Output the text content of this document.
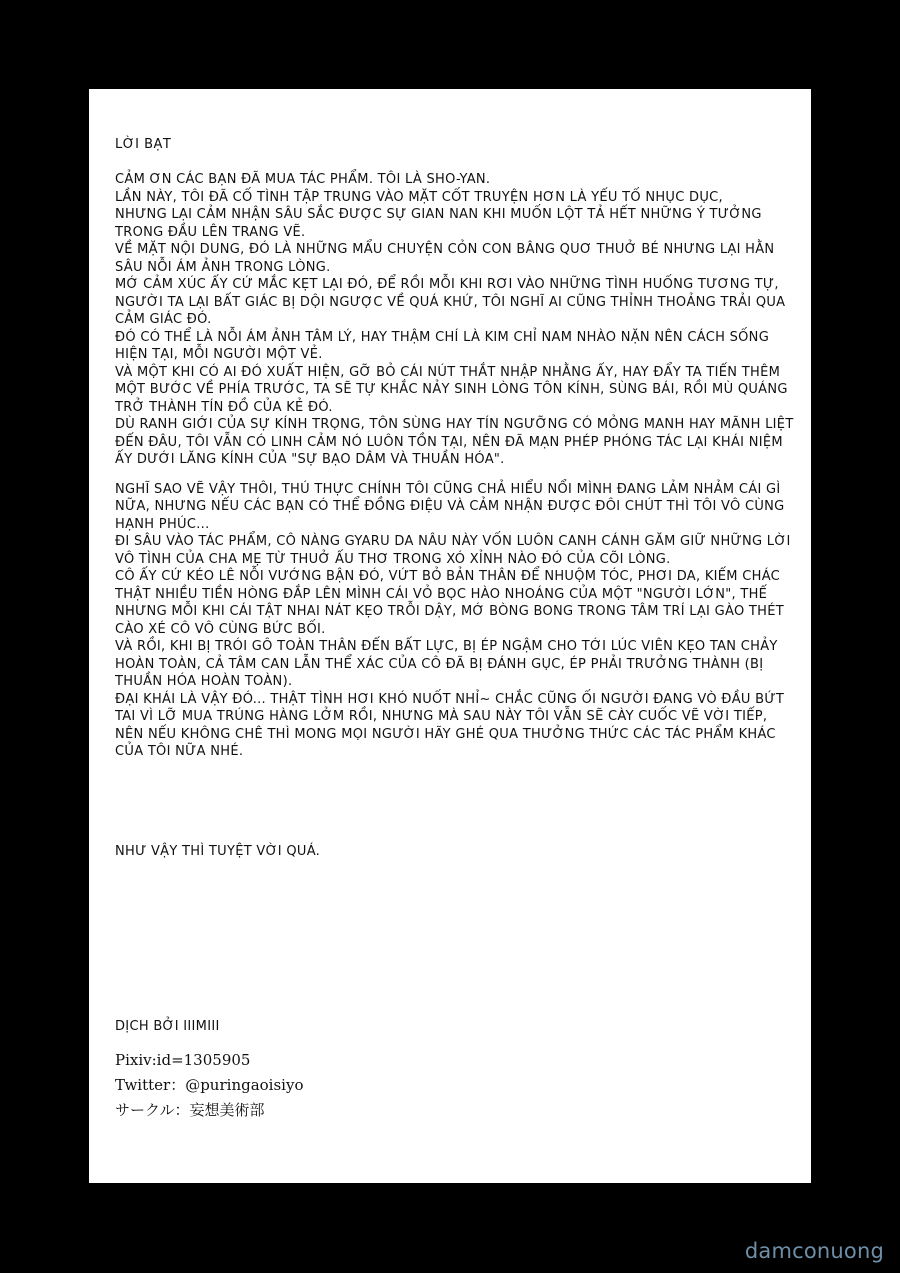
LỜI BẠT

CẢM ƠN CÁC BẠN ĐÃ MUA TÁC PHẨM. TÔI LÀ SHO-YAN.
LẦN NÀY, TÔI ĐÃ CỐ TÌNH TẬP TRUNG VÀO MẶT CỐT TRUYỆN HƠN LÀ YẾU TỐ NHỤC DỤC,
NHƯNG LẠI CẢM NHẬN SÂU SẮC ĐƯỢC SỰ GIAN NAN KHI MUỐN LỘT TẢ HẾT NHỮNG Ý TƯỞNG TRONG ĐẦU LÊN TRANG VẼ.
VỀ MẶT NỘI DUNG, ĐÓ LÀ NHỮNG MẨU CHUYỆN CỎN CON BÂNG QUƠ THUỞ BÉ NHƯNG LẠI HẰN SÂU NỖI ÁM ẢNH TRONG LÒNG.
MỚ CẢM XÚC ẤY CỨ MẮC KẸT LẠI ĐÓ, ĐỂ RỒI MỖI KHI RƠI VÀO NHỮNG TÌNH HUỐNG TƯƠNG TỰ, NGƯỜI TA LẠI BẤT GIÁC BỊ DỘI NGƯỢC VỀ QUÁ KHỨ, TÔI NGHĨ AI CŨNG THỈNH THOẢNG TRẢI QUA CẢM GIÁC ĐÓ.
ĐÓ CÓ THỂ LÀ NỖI ÁM ẢNH TÂM LÝ, HAY THẬM CHÍ LÀ KIM CHỈ NAM NHÀO NẶN NÊN CÁCH SỐNG HIỆN TẠI, MỖI NGƯỜI MỘT VẺ.
VÀ MỘT KHI CÓ AI ĐÓ XUẤT HIỆN, GỠ BỎ CÁI NÚT THẮT NHẬP NHẰNG ẤY, HAY ĐẨY TA TIẾN THÊM MỘT BƯỚC VỀ PHÍA TRƯỚC, TA SẼ TỰ KHẮC NẢY SINH LÒNG TÔN KÍNH, SÙNG BÁI, RỒI MÙ QUÁNG TRỞ THÀNH TÍN ĐỒ CỦA KẺ ĐÓ.
DÙ RANH GIỚI CỦA SỰ KÍNH TRỌNG, TÔN SÙNG HAY TÍN NGƯỠNG CÓ MỎNG MANH HAY MÃNH LIỆT ĐẾN ĐÂU, TÔI VẪN CÓ LINH CẢM NÓ LUÔN TỒN TẠI, NÊN ĐÃ MẠN PHÉP PHÓNG TÁC LẠI KHÁI NIỆM ẤY DƯỚI LĂNG KÍNH CỦA "SỰ BẠO DÂM VÀ THUẦN HÓA".

NGHĨ SAO VẼ VẬY THÔI, THÚ THỰC CHÍNH TÔI CŨNG CHẢ HIỂU NỔI MÌNH ĐANG LẢM NHẢM CÁI GÌ NỮA, NHƯNG NẾU CÁC BẠN CÓ THỂ ĐỒNG ĐIỆU VÀ CẢM NHẬN ĐƯỢC ĐÔI CHÚT THÌ TÔI VÔ CÙNG HẠNH PHÚC...
ĐI SÂU VÀO TÁC PHẨM, CÔ NÀNG GYARU DA NÂU NÀY VỐN LUÔN CANH CÁNH GĂM GIỮ NHỮNG LỜI VÔ TÌNH CỦA CHA MẸ TỪ THUỞ ẤU THƠ TRONG XÓ XỈNH NÀO ĐÓ CỦA CÕI LÒNG.
CÔ ẤY CỨ KÉO LÊ NỖI VƯỚNG BẬN ĐÓ, VỨT BỎ BẢN THÂN ĐỂ NHUỘM TÓC, PHƠI DA, KIẾM CHÁC THẬT NHIỀU TIỀN HÒNG ĐẮP LÊN MÌNH CÁI VỎ BỌC HÀO NHOÁNG CỦA MỘT "NGƯỜI LỚN", THẾ NHƯNG MỖI KHI CÁI TẬT NHAI NÁT KẸO TRỖI DẬY, MỚ BÒNG BONG TRONG TÂM TRÍ LẠI GÀO THÉT CÀO XÉ CÔ VÔ CÙNG BỨC BỐI.
VÀ RỒI, KHI BỊ TRÓI GÔ TOÀN THÂN ĐẾN BẤT LỰC, BỊ ÉP NGẬM CHO TỚI LÚC VIÊN KẸO TAN CHẢY HOÀN TOÀN, CẢ TÂM CAN LẪN THỂ XÁC CỦA CÔ ĐÃ BỊ ĐÁNH GỤC, ÉP PHẢI TRƯỞNG THÀNH (BỊ THUẦN HÓA HOÀN TOÀN).
ĐẠI KHÁI LÀ VẬY ĐÓ... THẬT TÌNH HƠI KHÓ NUỐT NHỈ~ CHẮC CŨNG ỐI NGƯỜI ĐANG VÒ ĐẦU BỨT TAI VÌ LỠ MUA TRÚNG HÀNG LỞM RỒI, NHƯNG MÀ SAU NÀY TÔI VẪN SẼ CÀY CUỐC VẼ VỜI TIẾP, NÊN NẾU KHÔNG CHÊ THÌ MONG MỌI NGƯỜI HÃY GHÉ QUA THƯỞNG THỨC CÁC TÁC PHẨM KHÁC CỦA TÔI NỮA NHÉ.

NHƯ VẬY THÌ TUYỆT VỜI QUÁ.
DỊCH BỞI IIIMIII
Pixiv:id=1305905
Twitter：@puringaoisiyo
サークル：妄想美術部
damconuong
